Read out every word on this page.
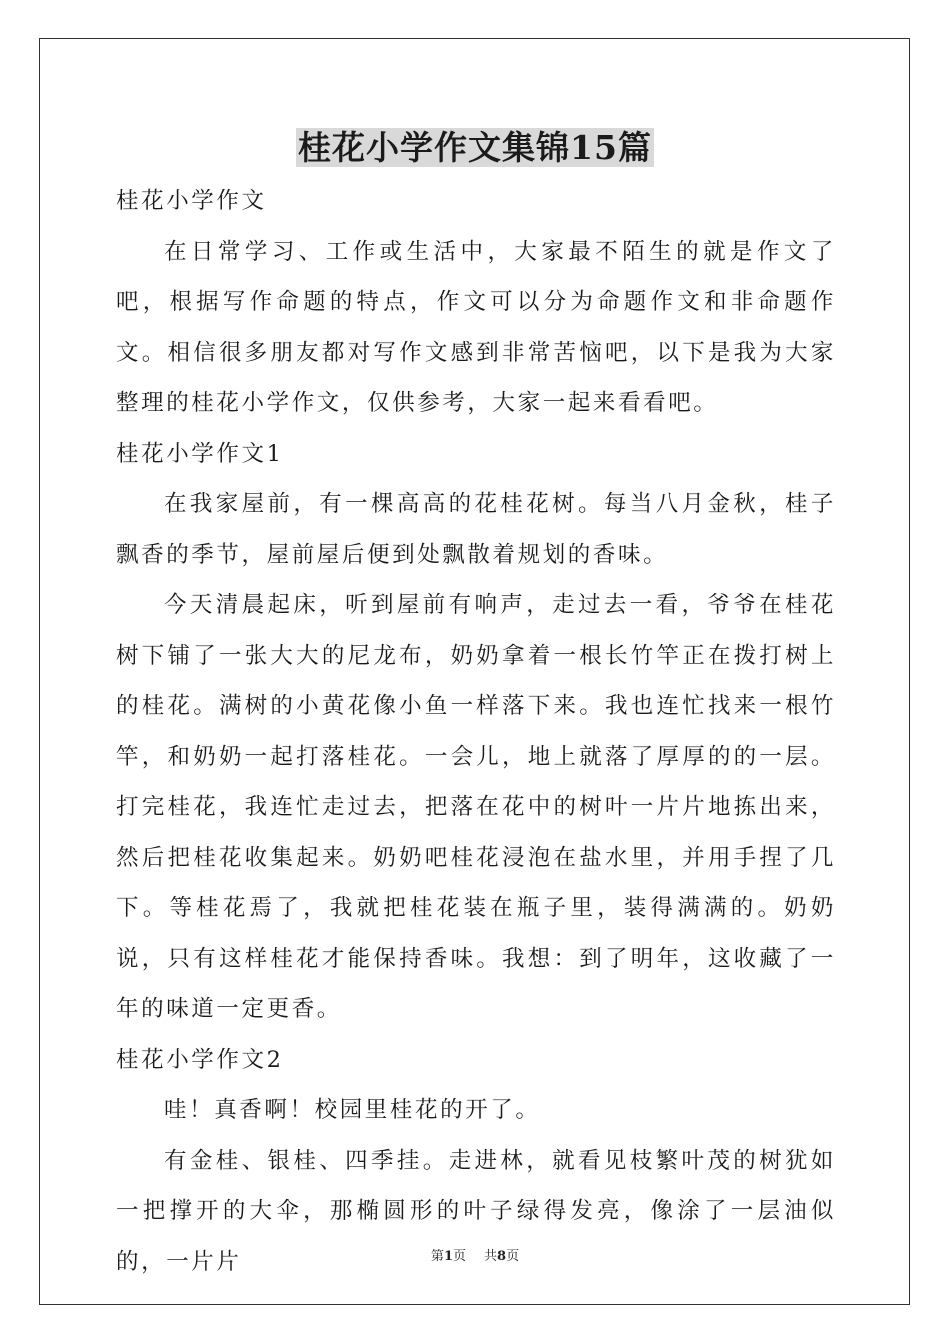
桂花小学作文集锦15篇

桂花小学作文

在日常学习、工作或生活中，大家最不陌生的就是作文了吧，根据写作命题的特点，作文可以分为命题作文和非命题作文。相信很多朋友都对写作文感到非常苦恼吧，以下是我为大家整理的桂花小学作文，仅供参考，大家一起来看看吧。

桂花小学作文1

在我家屋前，有一棵高高的花桂花树。每当八月金秋，桂子飘香的季节，屋前屋后便到处飘散着规划的香味。

今天清晨起床，听到屋前有响声，走过去一看，爷爷在桂花树下铺了一张大大的尼龙布，奶奶拿着一根长竹竿正在拨打树上的桂花。满树的小黄花像小鱼一样落下来。我也连忙找来一根竹竿，和奶奶一起打落桂花。一会儿，地上就落了厚厚的的一层。打完桂花，我连忙走过去，把落在花中的树叶一片片地拣出来，然后把桂花收集起来。奶奶吧桂花浸泡在盐水里，并用手捏了几下。等桂花焉了，我就把桂花装在瓶子里，装得满满的。奶奶说，只有这样桂花才能保持香味。我想：到了明年，这收藏了一年的味道一定更香。

桂花小学作文2

哇！真香啊！校园里桂花的开了。

有金桂、银桂、四季挂。走进林，就看见枝繁叶茂的树犹如一把撑开的大伞，那椭圆形的叶子绿得发亮，像涂了一层油似的，一片片	第1页 共8页
